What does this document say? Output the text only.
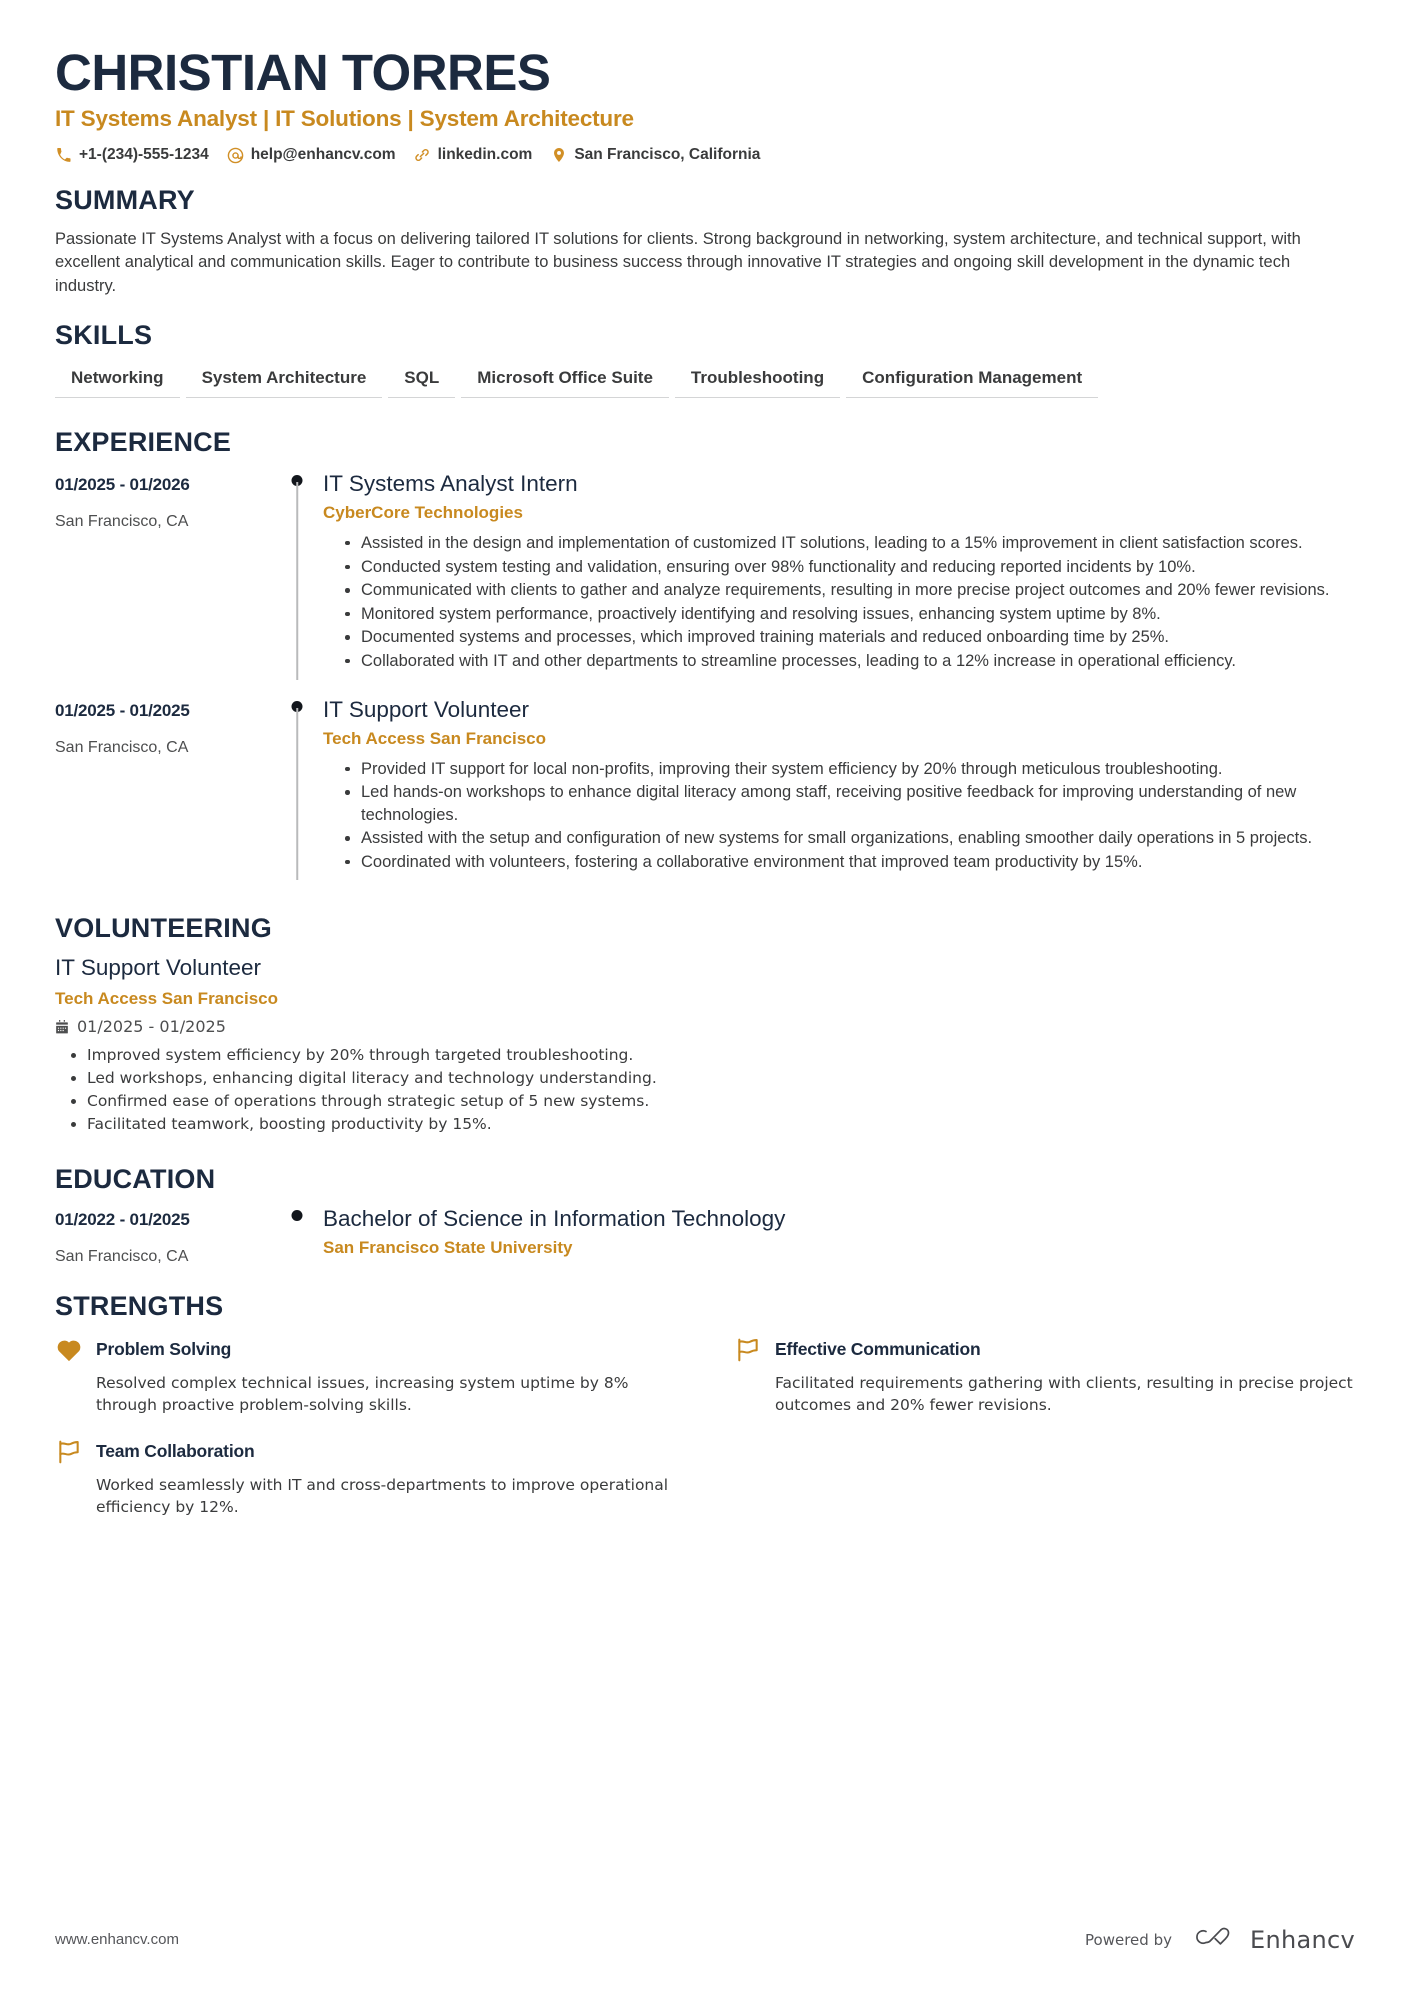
CHRISTIAN TORRES
IT Systems Analyst | IT Solutions | System Architecture
+1-(234)-555-1234	help@enhancv.com	linkedin.com	San Francisco, California
SUMMARY

Passionate IT Systems Analyst with a focus on delivering tailored IT solutions for clients. Strong background in networking, system architecture, and technical support, with excellent analytical and communication skills. Eager to contribute to business success through innovative IT strategies and ongoing skill development in the dynamic tech industry.

SKILLS
Networking	System Architecture	SQL	Microsoft Office Suite	Troubleshooting	Configuration Management
EXPERIENCE
01/2025 - 01/2026
San Francisco, CA
IT Systems Analyst Intern
CyberCore Technologies
Assisted in the design and implementation of customized IT solutions, leading to a 15% improvement in client satisfaction scores.
Conducted system testing and validation, ensuring over 98% functionality and reducing reported incidents by 10%.
Communicated with clients to gather and analyze requirements, resulting in more precise project outcomes and 20% fewer revisions.
Monitored system performance, proactively identifying and resolving issues, enhancing system uptime by 8%.
Documented systems and processes, which improved training materials and reduced onboarding time by 25%.
Collaborated with IT and other departments to streamline processes, leading to a 12% increase in operational efficiency.
01/2025 - 01/2025
San Francisco, CA
IT Support Volunteer
Tech Access San Francisco
Provided IT support for local non-profits, improving their system efficiency by 20% through meticulous troubleshooting.
Led hands-on workshops to enhance digital literacy among staff, receiving positive feedback for improving understanding of new technologies.
Assisted with the setup and configuration of new systems for small organizations, enabling smoother daily operations in 5 projects.
Coordinated with volunteers, fostering a collaborative environment that improved team productivity by 15%.
VOLUNTEERING
IT Support Volunteer
Tech Access San Francisco
01/2025 - 01/2025
Improved system efficiency by 20% through targeted troubleshooting.
Led workshops, enhancing digital literacy and technology understanding.
Confirmed ease of operations through strategic setup of 5 new systems.
Facilitated teamwork, boosting productivity by 15%.
EDUCATION
01/2022 - 01/2025
San Francisco, CA
Bachelor of Science in Information Technology
San Francisco State University
STRENGTHS
Problem Solving
Resolved complex technical issues, increasing system uptime by 8% through proactive problem-solving skills.
Effective Communication
Facilitated requirements gathering with clients, resulting in precise project outcomes and 20% fewer revisions.
Team Collaboration
Worked seamlessly with IT and cross-departments to improve operational efficiency by 12%.
www.enhancv.com	Powered by	Enhancv
